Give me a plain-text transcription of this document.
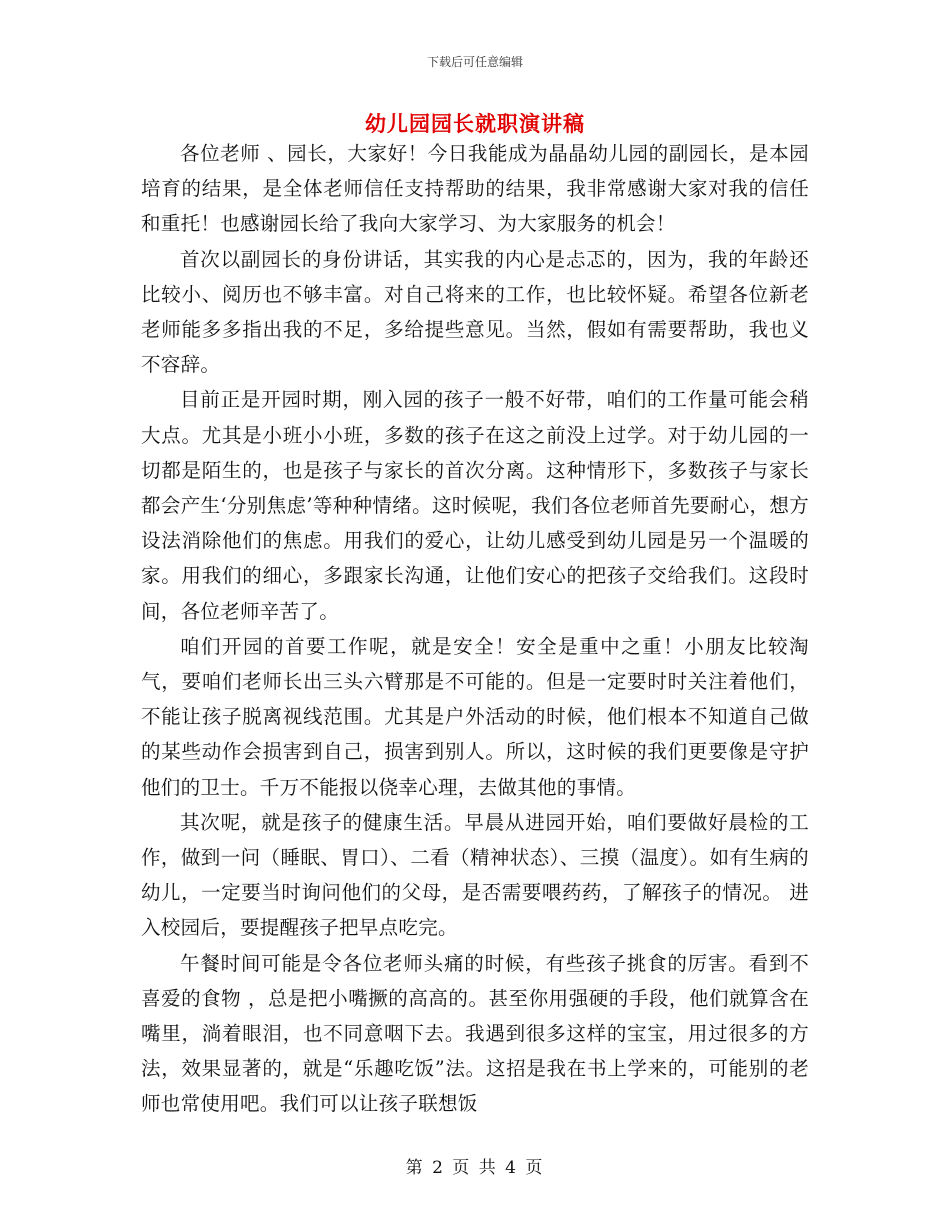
下载后可任意编辑
幼儿园园长就职演讲稿

各位老师 、园长，大家好！今日我能成为晶晶幼儿园的副园长，是本园培育的结果，是全体老师信任支持帮助的结果，我非常感谢大家对我的信任和重托！也感谢园长给了我向大家学习、为大家服务的机会！

首次以副园长的身份讲话，其实我的内心是忐忑的，因为，我的年龄还比较小、阅历也不够丰富。对自己将来的工作，也比较怀疑。希望各位新老老师能多多指出我的不足，多给提些意见。当然，假如有需要帮助，我也义不容辞。

目前正是开园时期，刚入园的孩子一般不好带，咱们的工作量可能会稍大点。尤其是小班小小班，多数的孩子在这之前没上过学。对于幼儿园的一切都是陌生的，也是孩子与家长的首次分离。这种情形下，多数孩子与家长都会产生‘分别焦虑’等种种情绪。这时候呢，我们各位老师首先要耐心，想方设法消除他们的焦虑。用我们的爱心，让幼儿感受到幼儿园是另一个温暖的家。用我们的细心，多跟家长沟通，让他们安心的把孩子交给我们。这段时间，各位老师辛苦了。

咱们开园的首要工作呢，就是安全！安全是重中之重！小朋友比较淘气，要咱们老师长出三头六臂那是不可能的。但是一定要时时关注着他们，不能让孩子脱离视线范围。尤其是户外活动的时候，他们根本不知道自己做的某些动作会损害到自己，损害到别人。所以，这时候的我们更要像是守护他们的卫士。千万不能报以侥幸心理，去做其他的事情。

其次呢，就是孩子的健康生活。早晨从进园开始，咱们要做好晨检的工作，做到一问（睡眠、胃口）、二看（精神状态）、三摸（温度）。如有生病的幼儿，一定要当时询问他们的父母，是否需要喂药药，了解孩子的情况。 进入校园后，要提醒孩子把早点吃完。

午餐时间可能是令各位老师头痛的时候，有些孩子挑食的厉害。看到不喜爱的食物 ，总是把小嘴撅的高高的。甚至你用强硬的手段，他们就算含在嘴里，淌着眼泪，也不同意咽下去。我遇到很多这样的宝宝，用过很多的方法，效果显著的，就是“乐趣吃饭”法。这招是我在书上学来的，可能别的老师也常使用吧。我们可以让孩子联想饭

第 2 页 共 4 页
